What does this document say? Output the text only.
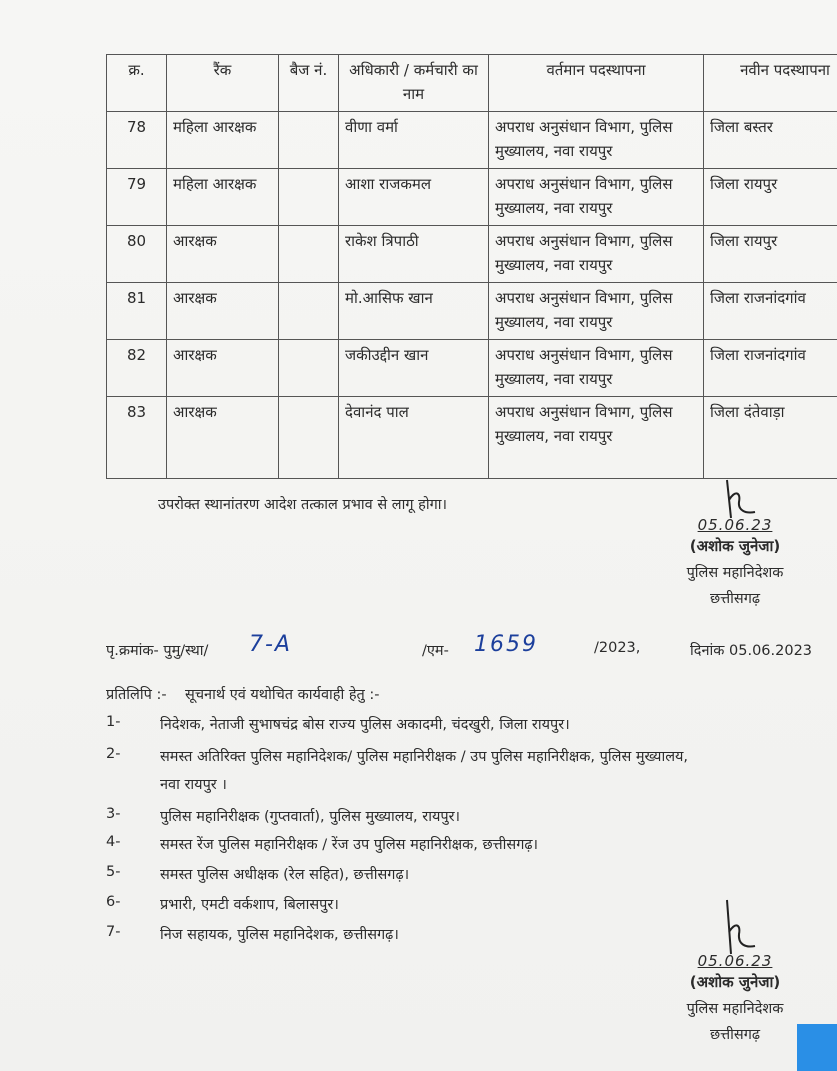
क्र.	रैंक	बैज नं.	अधिकारी / कर्मचारी का नाम	वर्तमान पदस्थापना	नवीन पदस्थापना
78	महिला आरक्षक		वीणा वर्मा	अपराध अनुसंधान विभाग, पुलिस मुख्यालय, नवा रायपुर	जिला बस्तर
79	महिला आरक्षक		आशा राजकमल	अपराध अनुसंधान विभाग, पुलिस मुख्यालय, नवा रायपुर	जिला रायपुर
80	आरक्षक		राकेश त्रिपाठी	अपराध अनुसंधान विभाग, पुलिस मुख्यालय, नवा रायपुर	जिला रायपुर
81	आरक्षक		मो.आसिफ खान	अपराध अनुसंधान विभाग, पुलिस मुख्यालय, नवा रायपुर	जिला राजनांदगांव
82	आरक्षक		जकीउद्दीन खान	अपराध अनुसंधान विभाग, पुलिस मुख्यालय, नवा रायपुर	जिला राजनांदगांव
83	आरक्षक		देवानंद पाल	अपराध अनुसंधान विभाग, पुलिस मुख्यालय, नवा रायपुर	जिला दंतेवाड़ा
उपरोक्त स्थानांतरण आदेश तत्काल प्रभाव से लागू होगा।
05.06.23
(अशोक जुनेजा)
पुलिस महानिदेशक
छत्तीसगढ़
पृ.क्रमांक- पुमु/स्था/ 7-A	/एम- 1659	/2023,	दिनांक 05.06.2023
प्रतिलिपि :-    सूचनार्थ एवं यथोचित कार्यवाही हेतु :-
1-	निदेशक, नेताजी सुभाषचंद्र बोस राज्य पुलिस अकादमी, चंदखुरी, जिला रायपुर।
2-	समस्त अतिरिक्त पुलिस महानिदेशक/ पुलिस महानिरीक्षक / उप पुलिस महानिरीक्षक, पुलिस मुख्यालय,
नवा रायपुर ।
3-	पुलिस महानिरीक्षक (गुप्तवार्ता), पुलिस मुख्यालय, रायपुर।
4-	समस्त रेंज पुलिस महानिरीक्षक / रेंज उप पुलिस महानिरीक्षक, छत्तीसगढ़।
5-	समस्त पुलिस अधीक्षक (रेल सहित), छत्तीसगढ़।
6-	प्रभारी, एमटी वर्कशाप, बिलासपुर।
7-	निज सहायक, पुलिस महानिदेशक, छत्तीसगढ़।
05.06.23
(अशोक जुनेजा)
पुलिस महानिदेशक
छत्तीसगढ़
